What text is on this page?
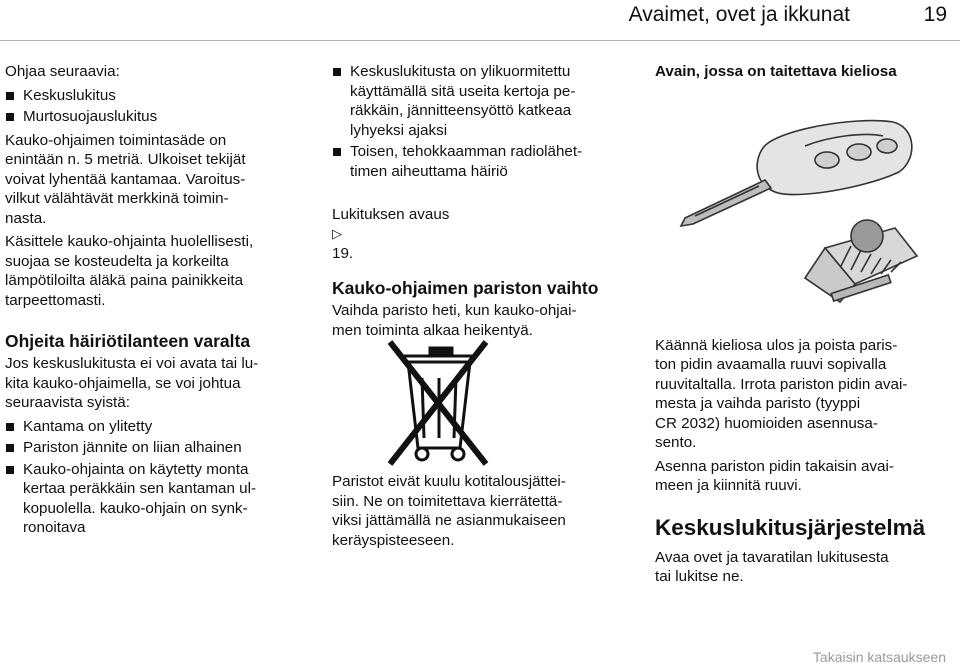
Avaimet, ovet ja ikkunat	19

Ohjaa seuraavia:

Keskuslukitus
Murtosuojauslukitus

Kauko-ohjaimen toimintasäde on
enintään n. 5 metriä. Ulkoiset tekijät
voivat lyhentää kantamaa. Varoitus-
vilkut välähtävät merkkinä toimin-
nasta.

Käsittele kauko-ohjainta huolellisesti,
suojaa se kosteudelta ja korkeilta
lämpötiloilta äläkä paina painikkeita
tarpeettomasti.

Ohjeita häiriötilanteen varalta

Jos keskuslukitusta ei voi avata tai lu-
kita kauko-ohjaimella, se voi johtua
seuraavista syistä:

Kantama on ylitetty
Pariston jännite on liian alhainen
Kauko-ohjainta on käytetty monta
kertaa peräkkäin sen kantaman ul-
kopuolella. kauko-ohjain on synk-
ronoitava
Keskuslukitusta on ylikuormitettu
käyttämällä sitä useita kertoja pe-
räkkäin, jännitteensyöttö katkeaa
lyhyeksi ajaksi
Toisen, tehokkaamman radiolähet-
timen aiheuttama häiriö

Lukituksen avaus
▷
19.

Kauko-ohjaimen pariston vaihto

Vaihda paristo heti, kun kauko-ohjai-
men toiminta alkaa heikentyä.

Paristot eivät kuulu kotitalousjättei-
siin. Ne on toimitettava kierrätettä-
viksi jättämällä ne asianmukaiseen
keräyspisteeseen.

Avain, jossa on taitettava kieliosa

Käännä kieliosa ulos ja poista paris-
ton pidin avaamalla ruuvi sopivalla
ruuvitaltalla. Irrota pariston pidin avai-
mesta ja vaihda paristo (tyyppi
CR 2032) huomioiden asennusa-
sento.

Asenna pariston pidin takaisin avai-
meen ja kiinnitä ruuvi.

Keskuslukitusjärjestelmä

Avaa ovet ja tavaratilan lukitusesta
tai lukitse ne.

Takaisin katsaukseen
